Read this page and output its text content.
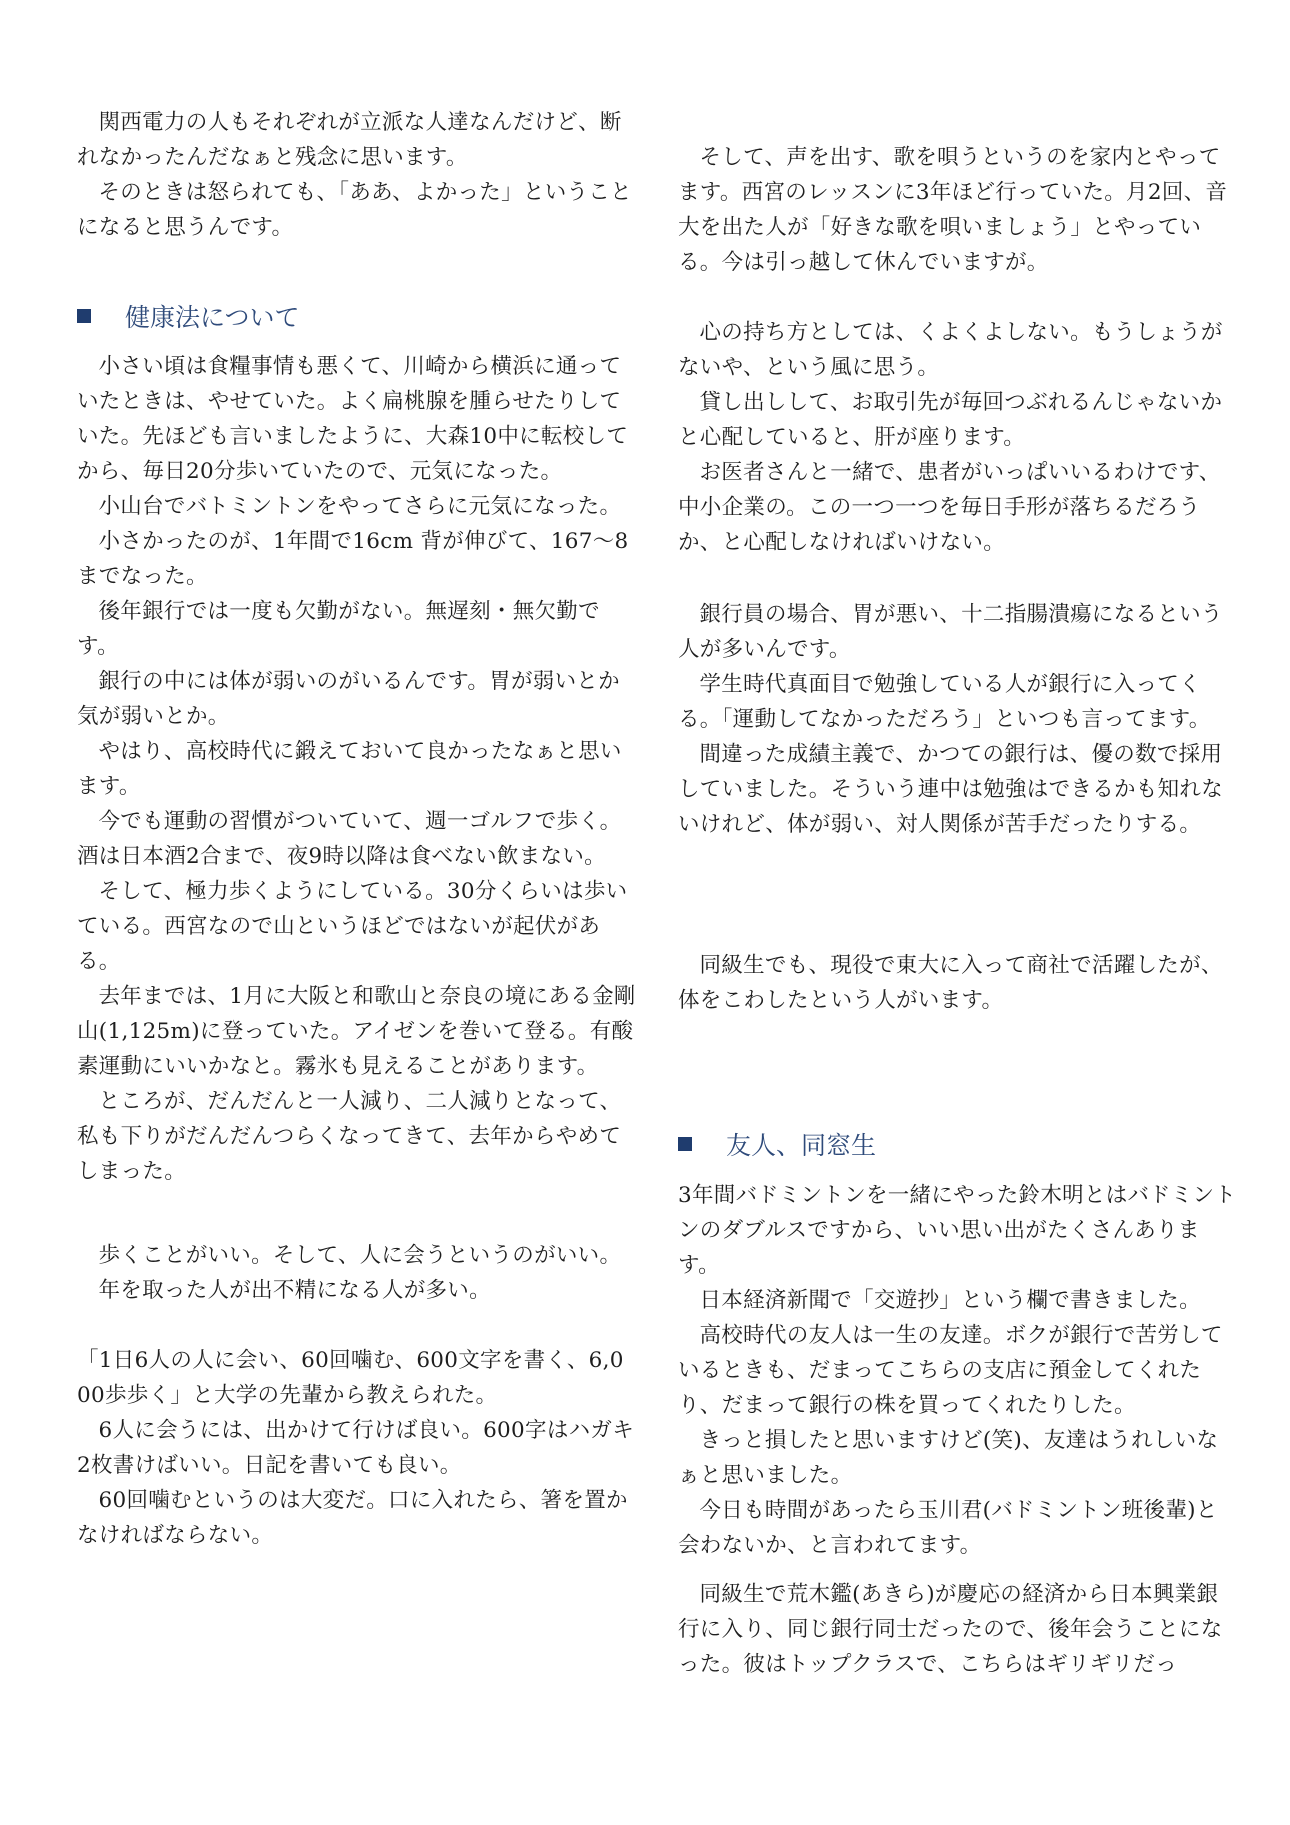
関西電力の人もそれぞれが立派な人達なんだけど、断れなかったんだなぁと残念に思います。

そのときは怒られても、「ああ、よかった」ということになると思うんです。

健康法について

小さい頃は食糧事情も悪くて、川崎から横浜に通っていたときは、やせていた。よく扁桃腺を腫らせたりしていた。先ほども言いましたように、大森10中に転校してから、毎日20分歩いていたので、元気になった。

小山台でバトミントンをやってさらに元気になった。

小さかったのが、1年間で16cm 背が伸びて、167～8までなった。

後年銀行では一度も欠勤がない。無遅刻・無欠勤です。

銀行の中には体が弱いのがいるんです。胃が弱いとか気が弱いとか。

やはり、高校時代に鍛えておいて良かったなぁと思います。

今でも運動の習慣がついていて、週一ゴルフで歩く。酒は日本酒2合まで、夜9時以降は食べない飲まない。

そして、極力歩くようにしている。30分くらいは歩いている。西宮なので山というほどではないが起伏がある。

去年までは、1月に大阪と和歌山と奈良の境にある金剛山(1,125m)に登っていた。アイゼンを巻いて登る。有酸素運動にいいかなと。霧氷も見えることがあります。

ところが、だんだんと一人減り、二人減りとなって、私も下りがだんだんつらくなってきて、去年からやめてしまった。

歩くことがいい。そして、人に会うというのがいい。

年を取った人が出不精になる人が多い。

「1日6人の人に会い、60回噛む、600文字を書く、6,000歩歩く」と大学の先輩から教えられた。

6人に会うには、出かけて行けば良い。600字はハガキ2枚書けばいい。日記を書いても良い。

60回噛むというのは大変だ。口に入れたら、箸を置かなければならない。

そして、声を出す、歌を唄うというのを家内とやってます。西宮のレッスンに3年ほど行っていた。月2回、音大を出た人が「好きな歌を唄いましょう」とやっている。今は引っ越して休んでいますが。

心の持ち方としては、くよくよしない。もうしょうがないや、という風に思う。

貸し出しして、お取引先が毎回つぶれるんじゃないかと心配していると、肝が座ります。

お医者さんと一緒で、患者がいっぱいいるわけです、中小企業の。この一つ一つを毎日手形が落ちるだろうか、と心配しなければいけない。

銀行員の場合、胃が悪い、十二指腸潰瘍になるという人が多いんです。

学生時代真面目で勉強している人が銀行に入ってくる。「運動してなかっただろう」といつも言ってます。

間違った成績主義で、かつての銀行は、優の数で採用していました。そういう連中は勉強はできるかも知れないけれど、体が弱い、対人関係が苦手だったりする。

同級生でも、現役で東大に入って商社で活躍したが、体をこわしたという人がいます。

友人、同窓生

3年間バドミントンを一緒にやった鈴木明とはバドミントンのダブルスですから、いい思い出がたくさんあります。

日本経済新聞で「交遊抄」という欄で書きました。

高校時代の友人は一生の友達。ボクが銀行で苦労しているときも、だまってこちらの支店に預金してくれたり、だまって銀行の株を買ってくれたりした。

きっと損したと思いますけど(笑)、友達はうれしいなぁと思いました。

今日も時間があったら玉川君(バドミントン班後輩)と会わないか、と言われてます。

同級生で荒木鑑(あきら)が慶応の経済から日本興業銀行に入り、同じ銀行同士だったので、後年会うことになった。彼はトップクラスで、こちらはギリギリだっ
